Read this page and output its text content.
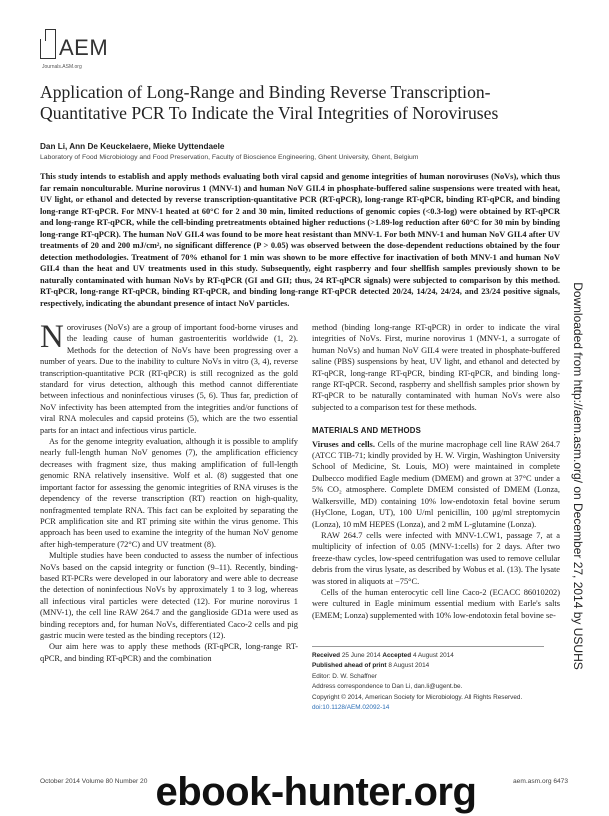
AEM
Journals.ASM.org
Application of Long-Range and Binding Reverse Transcription-Quantitative PCR To Indicate the Viral Integrities of Noroviruses
Dan Li, Ann De Keuckelaere, Mieke Uyttendaele
Laboratory of Food Microbiology and Food Preservation, Faculty of Bioscience Engineering, Ghent University, Ghent, Belgium

This study intends to establish and apply methods evaluating both viral capsid and genome integrities of human noroviruses (NoVs), which thus far remain nonculturable. Murine norovirus 1 (MNV-1) and human NoV GII.4 in phosphate-buffered saline suspensions were treated with heat, UV light, or ethanol and detected by reverse transcription-quantitative PCR (RT-qPCR), long-range RT-qPCR, binding RT-qPCR, and binding long-range RT-qPCR. For MNV-1 heated at 60°C for 2 and 30 min, limited reductions of genomic copies (<0.3-log) were obtained by RT-qPCR and long-range RT-qPCR, while the cell-binding pretreatments obtained higher reductions (>1.89-log reduction after 60°C for 30 min by binding long-range RT-qPCR). The human NoV GII.4 was found to be more heat resistant than MNV-1. For both MNV-1 and human NoV GII.4 after UV treatments of 20 and 200 mJ/cm², no significant difference (P > 0.05) was observed between the dose-dependent reductions obtained by the four detection methodologies. Treatment of 70% ethanol for 1 min was shown to be more effective for inactivation of both MNV-1 and human NoV GII.4 than the heat and UV treatments used in this study. Subsequently, eight raspberry and four shellfish samples previously shown to be naturally contaminated with human NoVs by RT-qPCR (GI and GII; thus, 24 RT-qPCR signals) were subjected to comparison by this method. RT-qPCR, long-range RT-qPCR, binding RT-qPCR, and binding long-range RT-qPCR detected 20/24, 14/24, 24/24, and 23/24 positive signals, respectively, indicating the abundant presence of intact NoV particles.

Noroviruses (NoVs) are a group of important food-borne viruses and the leading cause of human gastroenteritis worldwide (1, 2). Methods for the detection of NoVs have been progressing over a number of years. Due to the inability to culture NoVs in vitro (3, 4), reverse transcription-quantitative PCR (RT-qPCR) is still recognized as the gold standard for virus detection, although this method cannot differentiate between infectious and noninfectious viruses (5, 6). Thus far, prediction of NoV infectivity has been attempted from the integrities and/or functions of viral RNA molecules and capsid proteins (5), which are the two essential parts for an intact and infectious virus particle.

As for the genome integrity evaluation, although it is possible to amplify nearly full-length human NoV genomes (7), the amplification efficiency decreases with fragment size, thus making amplification of full-length genomic RNA relatively insensitive. Wolf et al. (8) suggested that one important factor for assessing the genomic integrities of RNA viruses is the dependency of the reverse transcription (RT) reaction on high-quality, nonfragmented template RNA. This fact can be exploited by separating the PCR amplification site and RT priming site within the virus genome. This approach has been used to examine the integrity of the human NoV genome after high-temperature (72°C) and UV treatment (8).

Multiple studies have been conducted to assess the number of infectious NoVs based on the capsid integrity or function (9–11). Recently, binding-based RT-PCRs were developed in our laboratory and were able to decrease the detection of noninfectious NoVs by approximately 1 to 3 log, whereas all infectious viral particles were detected (12). For murine norovirus 1 (MNV-1), the cell line RAW 264.7 and the ganglioside GD1a were used as binding receptors and, for human NoVs, differentiated Caco-2 cells and pig gastric mucin were tested as the binding receptors (12).

Our aim here was to apply these methods (RT-qPCR, long-range RT-qPCR, and binding RT-qPCR) and the combination

method (binding long-range RT-qPCR) in order to indicate the viral integrities of NoVs. First, murine norovirus 1 (MNV-1, a surrogate of human NoVs) and human NoV GII.4 were treated in phosphate-buffered saline (PBS) suspensions by heat, UV light, and ethanol and detected by RT-qPCR, long-range RT-qPCR, binding RT-qPCR, and binding long-range RT-qPCR. Second, raspberry and shellfish samples prior shown by RT-qPCR to be naturally contaminated with human NoVs were also subjected to a comparison test for these methods.

MATERIALS AND METHODS

Viruses and cells. Cells of the murine macrophage cell line RAW 264.7 (ATCC TIB-71; kindly provided by H. W. Virgin, Washington University School of Medicine, St. Louis, MO) were maintained in complete Dulbecco modified Eagle medium (DMEM) and grown at 37°C under a 5% CO₂ atmosphere. Complete DMEM consisted of DMEM (Lonza, Walkersville, MD) containing 10% low-endotoxin fetal bovine serum (HyClone, Logan, UT), 100 U/ml penicillin, 100 μg/ml streptomycin (Lonza), 10 mM HEPES (Lonza), and 2 mM L-glutamine (Lonza).

RAW 264.7 cells were infected with MNV-1.CW1, passage 7, at a multiplicity of infection of 0.05 (MNV-1:cells) for 2 days. After two freeze-thaw cycles, low-speed centrifugation was used to remove cellular debris from the virus lysate, as described by Wobus et al. (13). The lysate was stored in aliquots at −75°C.

Cells of the human enterocytic cell line Caco-2 (ECACC 86010202) were cultured in Eagle minimum essential medium with Earle's salts (EMEM; Lonza) supplemented with 10% low-endotoxin fetal bovine se-

Received 25 June 2014 Accepted 4 August 2014
Published ahead of print 8 August 2014
Editor: D. W. Schaffner
Address correspondence to Dan Li, dan.li@ugent.be.
Copyright © 2014, American Society for Microbiology. All Rights Reserved.
doi:10.1128/AEM.02092-14
October 2014 Volume 80 Number 20	aem.asm.org 6473
Downloaded from http://aem.asm.org/ on December 27, 2014 by USUHS
ebook-hunter.org
